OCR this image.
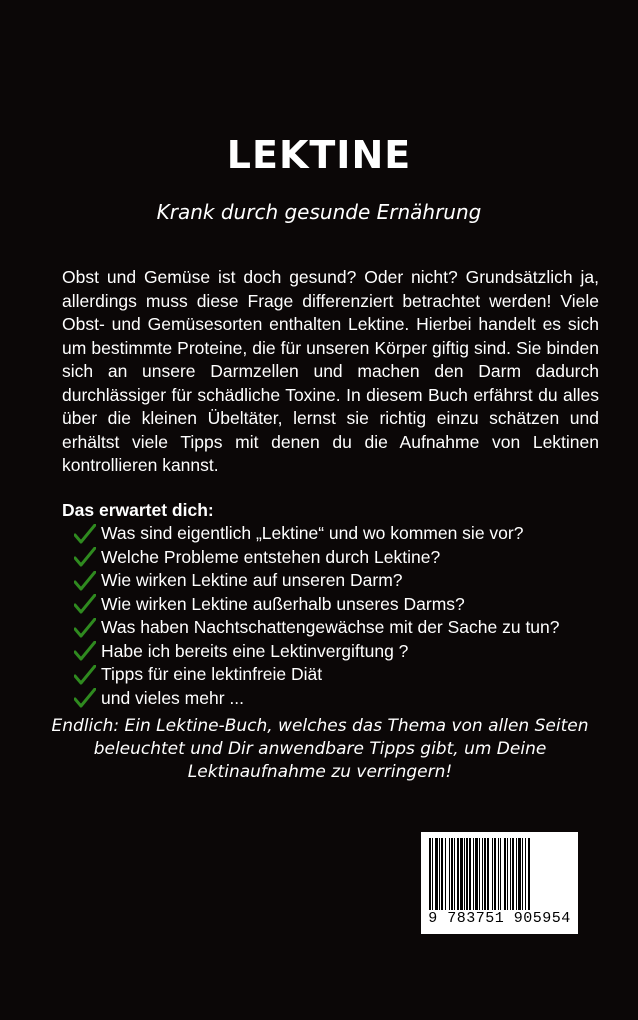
LEKTINE
Krank durch gesunde Ernährung

Obst und Gemüse ist doch gesund? Oder nicht? Grundsätzlich ja, allerdings muss diese Frage differenziert betrachtet werden! Viele Obst- und Gemüsesorten enthalten Lektine. Hierbei handelt es sich um bestimmte Proteine, die für unseren Körper giftig sind. Sie binden sich an unsere Darmzellen und machen den Darm dadurch durchlässiger für schädliche Toxine. In diesem Buch erfährst du alles über die kleinen Übeltäter, lernst sie richtig einzu schätzen und erhältst viele Tipps mit denen du die Aufnahme von Lektinen kontrollieren kannst.

Das erwartet dich:
Was sind eigentlich „Lektine“ und wo kommen sie vor?
Welche Probleme entstehen durch Lektine?
Wie wirken Lektine auf unseren Darm?
Wie wirken Lektine außerhalb unseres Darms?
Was haben Nachtschattengewächse mit der Sache zu tun?
Habe ich bereits eine Lektinvergiftung ?
Tipps für eine lektinfreie Diät
und vieles mehr ...
Endlich: Ein Lektine-Buch, welches das Thema von allen Seiten beleuchtet und Dir anwendbare Tipps gibt, um Deine Lektinaufnahme zu verringern!
9 783751 905954
